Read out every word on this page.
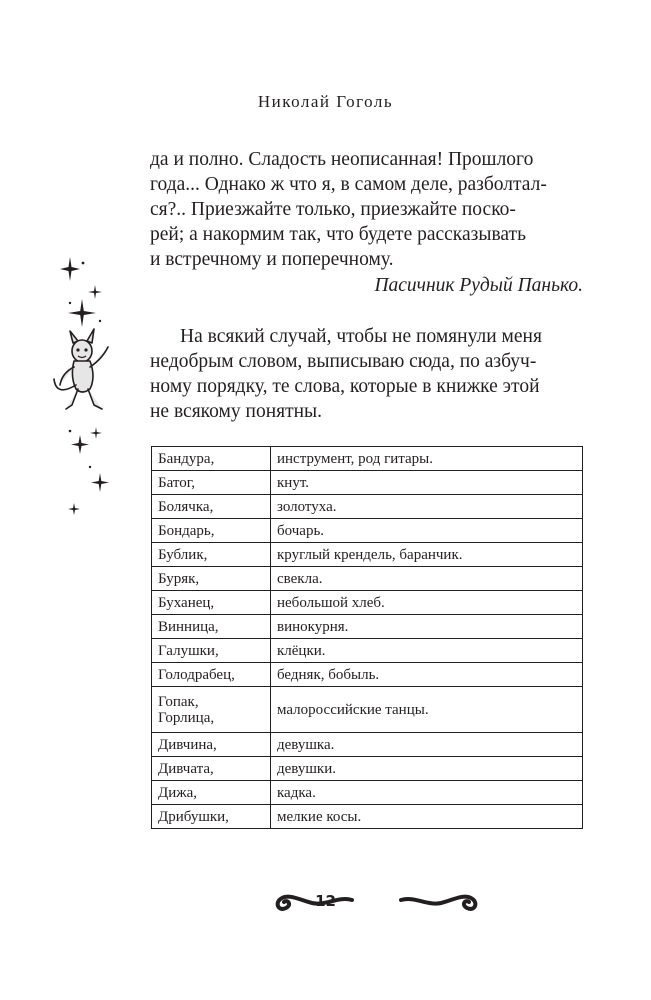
Николай Гоголь

да и полно. Сладость неописанная! Прошлого

года... Однако ж что я, в самом деле, разболтал-

ся?.. Приезжайте только, приезжайте поско-

рей; а накормим так, что будете рассказывать

и встречному и поперечному.

Пасичник Рудый Панько.

На всякий случай, чтобы не помянули меня

недобрым словом, выписываю сюда, по азбуч-

ному порядку, те слова, которые в книжке этой

не всякому понятны.

Бандура,	инструмент, род гитары.
Батог,	кнут.
Болячка,	золотуха.
Бондарь,	бочарь.
Бублик,	круглый крендель, баранчик.
Буряк,	свекла.
Буханец,	небольшой хлеб.
Винница,	винокурня.
Галушки,	клёцки.
Голодрабец,	бедняк, бобыль.

Гопак,
Горлица,	малороссийские танцы.
Дивчина,	девушка.
Дивчата,	девушки.
Дижа,	кадка.
Дрибушки,	мелкие косы.
12
